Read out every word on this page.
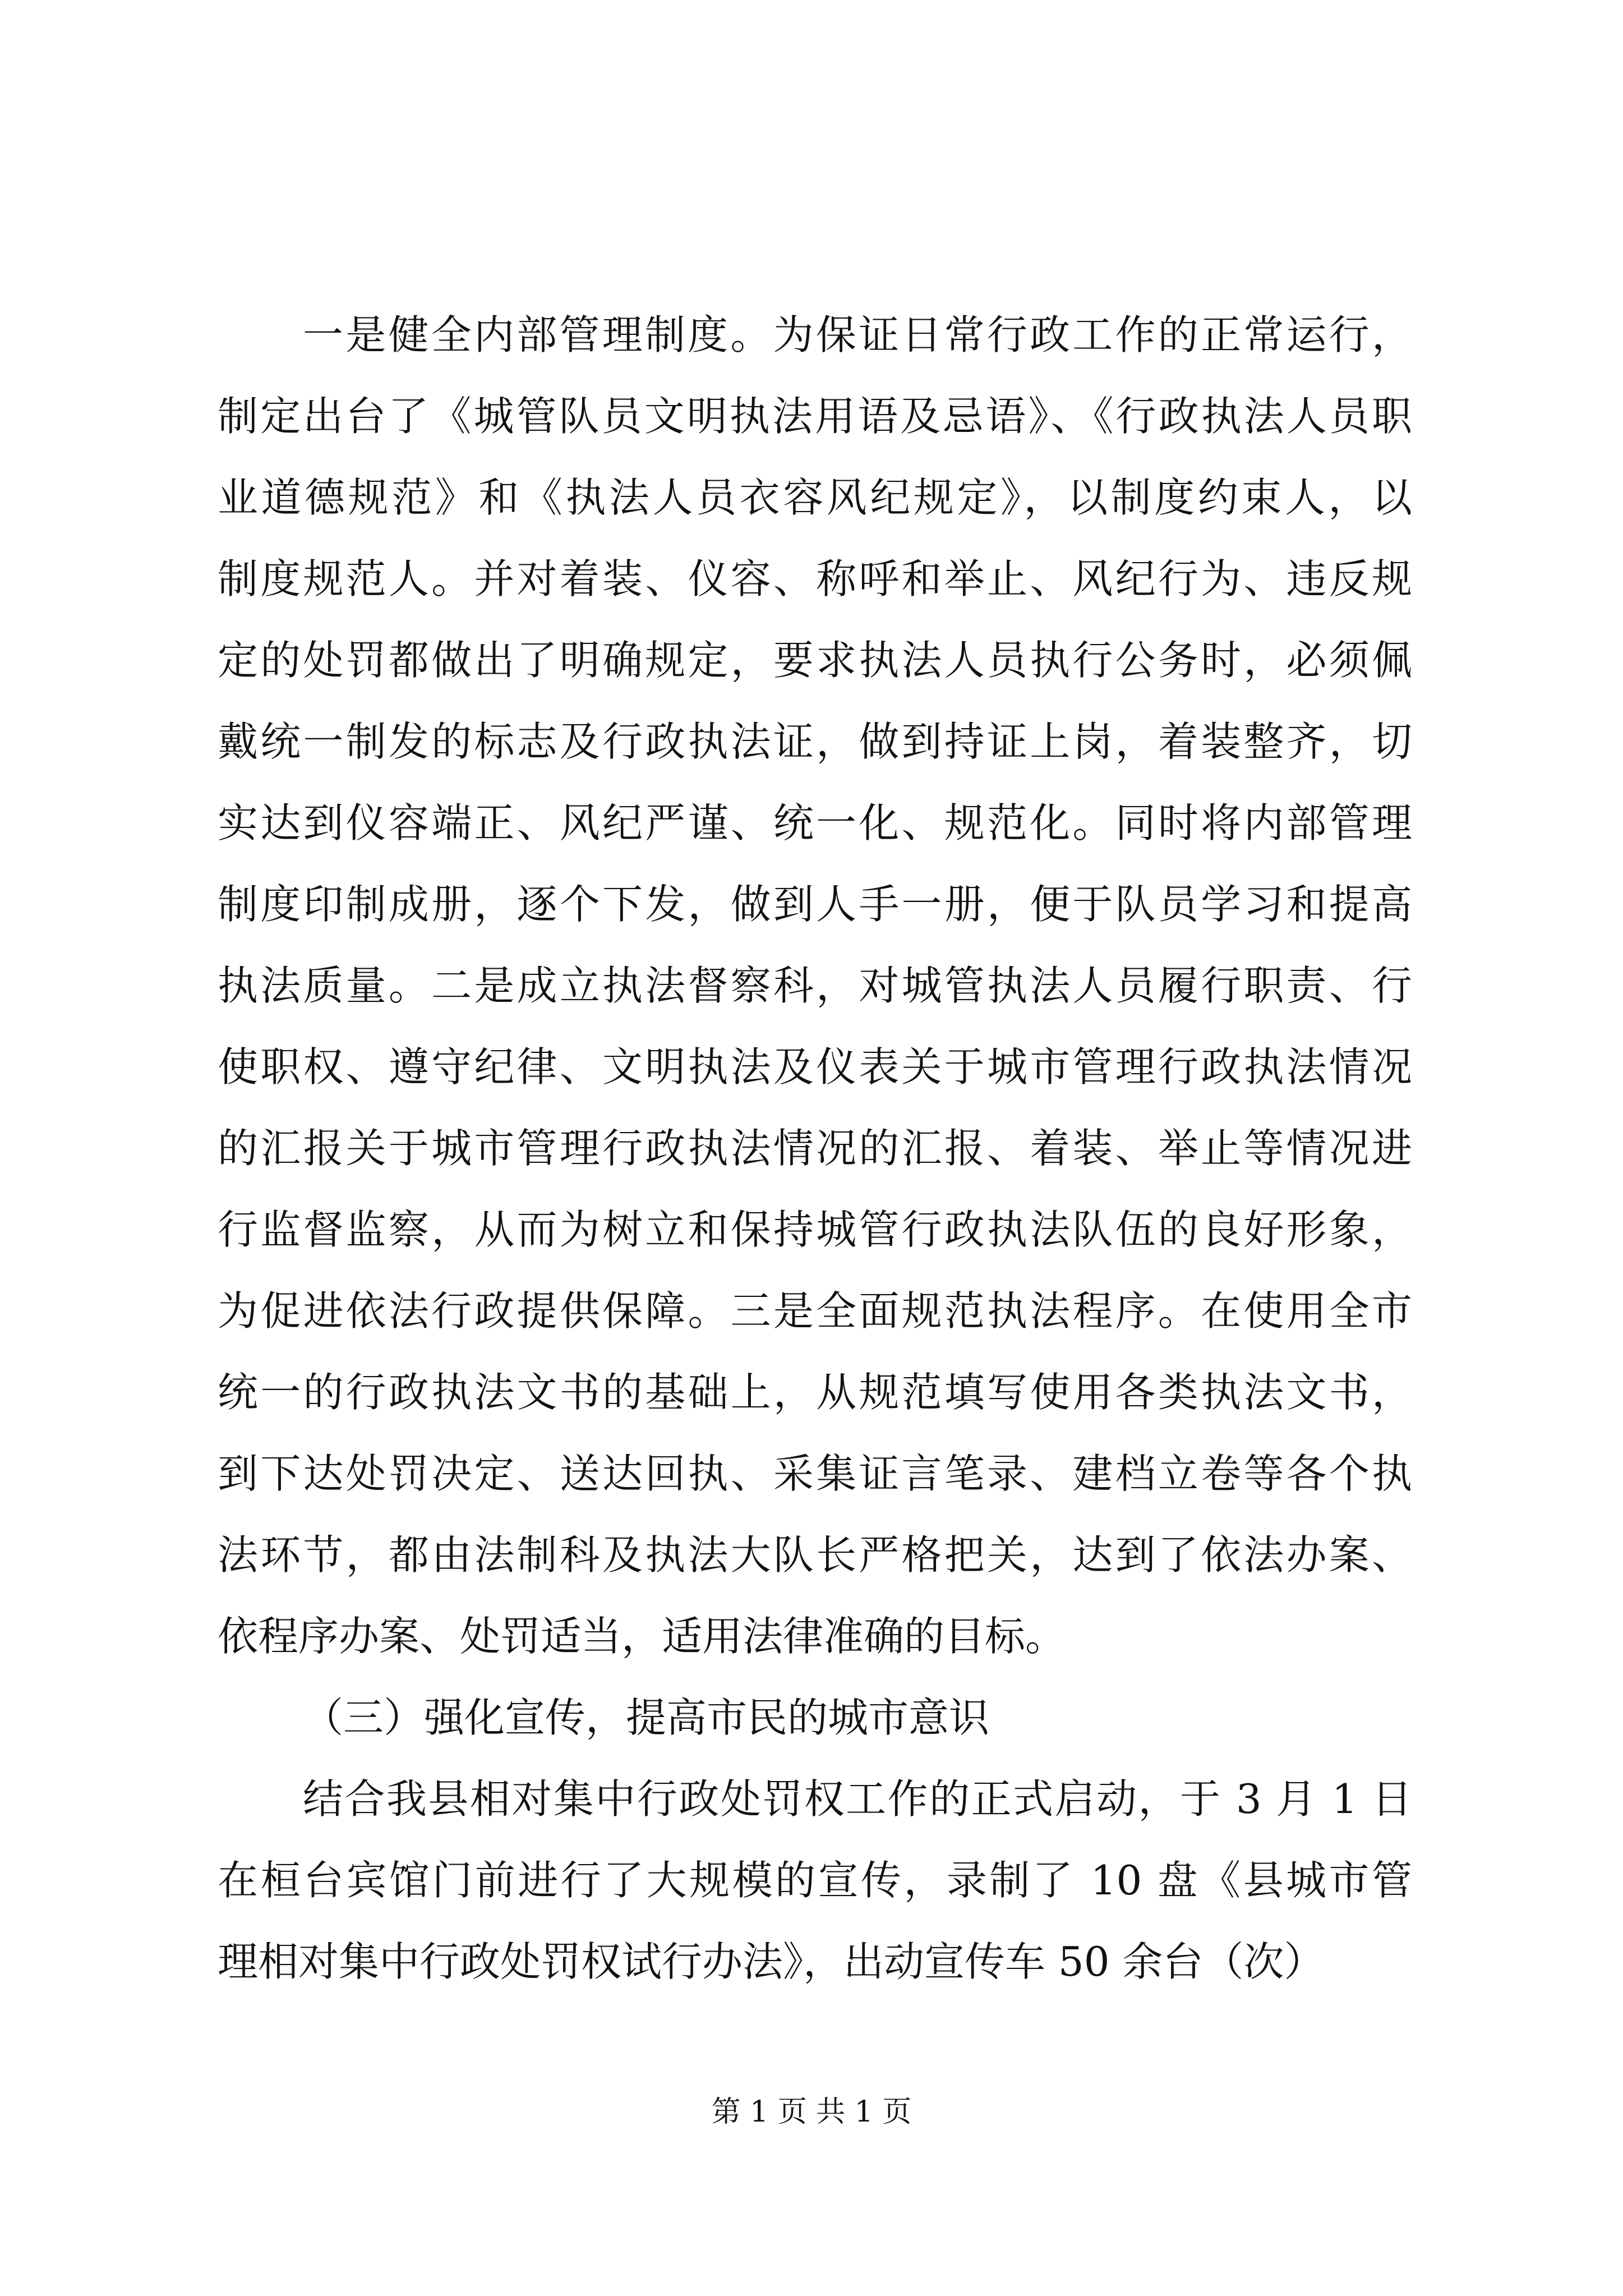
一是健全内部管理制度。为保证日常行政工作的正常运行，
制定出台了《城管队员文明执法用语及忌语》、《行政执法人员职
业道德规范》和《执法人员衣容风纪规定》，以制度约束人，以
制度规范人。并对着装、仪容、称呼和举止、风纪行为、违反规
定的处罚都做出了明确规定，要求执法人员执行公务时，必须佩
戴统一制发的标志及行政执法证，做到持证上岗，着装整齐，切
实达到仪容端正、风纪严谨、统一化、规范化。同时将内部管理
制度印制成册，逐个下发，做到人手一册，便于队员学习和提高
执法质量。二是成立执法督察科，对城管执法人员履行职责、行
使职权、遵守纪律、文明执法及仪表关于城市管理行政执法情况
的汇报关于城市管理行政执法情况的汇报、着装、举止等情况进
行监督监察，从而为树立和保持城管行政执法队伍的良好形象，
为促进依法行政提供保障。三是全面规范执法程序。在使用全市
统一的行政执法文书的基础上，从规范填写使用各类执法文书，
到下达处罚决定、送达回执、采集证言笔录、建档立卷等各个执
法环节，都由法制科及执法大队长严格把关，达到了依法办案、
依程序办案、处罚适当，适用法律准确的目标。
（三）强化宣传，提高市民的城市意识
结合我县相对集中行政处罚权工作的正式启动，于 3 月 1 日
在桓台宾馆门前进行了大规模的宣传，录制了 10 盘《县城市管
理相对集中行政处罚权试行办法》，出动宣传车 50 余台（次）
第 1 页 共 1 页
